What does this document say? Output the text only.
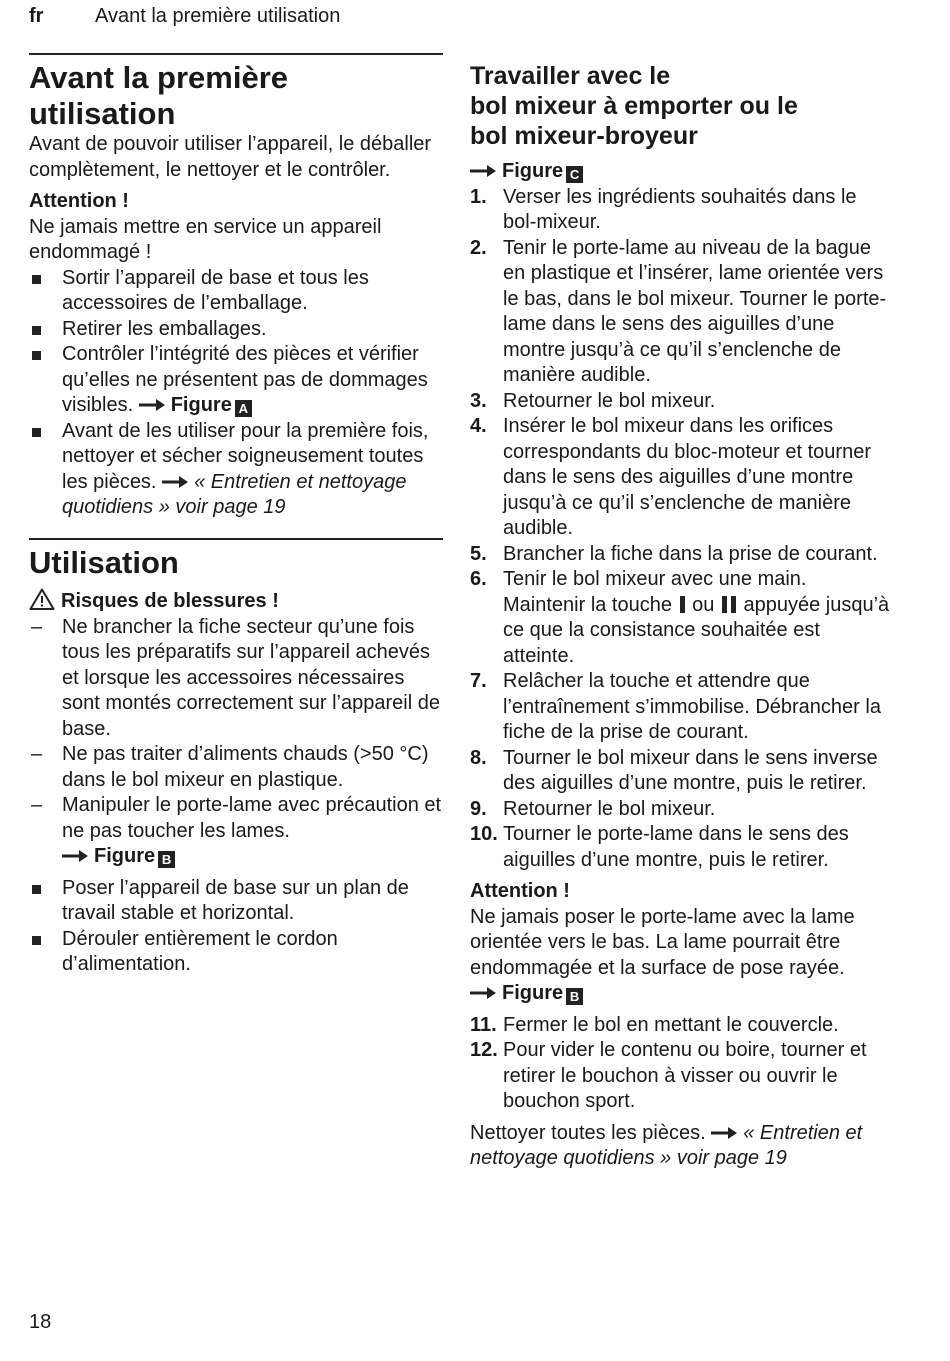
fr	Avant la première utilisation
Avant la première utilisation

Avant de pouvoir utiliser l’appareil, le déballer complètement, le nettoyer et le contrôler.

Attention !

Ne jamais mettre en service un appareil endommagé !

Sortir l’appareil de base et tous les accessoires de l’emballage.
Retirer les emballages.
Contrôler l’intégrité des pièces et vérifier qu’elles ne présentent pas de dommages visibles. Figure A
Avant de les utiliser pour la première fois, nettoyer et sécher soigneusement toutes les pièces. « Entretien et nettoyage quotidiens » voir page 19
Utilisation

Risques de blessures !

– Ne brancher la fiche secteur qu’une fois tous les préparatifs sur l’appareil achevés et lorsque les accessoires nécessaires sont montés correctement sur l’appareil de base.
– Ne pas traiter d’aliments chauds (>50 °C) dans le bol mixeur en plastique.
– Manipuler le porte-lame avec précaution et ne pas toucher les lames.
Figure B
Poser l’appareil de base sur un plan de travail stable et horizontal.
Dérouler entièrement le cordon d’alimentation.
Travailler avec le
bol mixeur à emporter ou le
bol mixeur-broyeur

Figure C

1. Verser les ingrédients souhaités dans le bol-mixeur.
2. Tenir le porte-lame au niveau de la bague en plastique et l’insérer, lame orientée vers le bas, dans le bol mixeur. Tourner le porte-lame dans le sens des aiguilles d’une montre jusqu’à ce qu’il s’enclenche de manière audible.
3. Retourner le bol mixeur.
4. Insérer le bol mixeur dans les orifices correspondants du bloc-moteur et tourner dans le sens des aiguilles d’une montre jusqu’à ce qu’il s’enclenche de manière audible.
5. Brancher la fiche dans la prise de courant.
6. Tenir le bol mixeur avec une main. Maintenir la touche ou appuyée jusqu’à ce que la consistance souhaitée est atteinte.
7. Relâcher la touche et attendre que l’entraînement s’immobilise. Débrancher la fiche de la prise de courant.
8. Tourner le bol mixeur dans le sens inverse des aiguilles d’une montre, puis le retirer.
9. Retourner le bol mixeur.
10. Tourner le porte-lame dans le sens des aiguilles d’une montre, puis le retirer.

Attention !

Ne jamais poser le porte-lame avec la lame orientée vers le bas. La lame pourrait être endommagée et la surface de pose rayée.

Figure B

11. Fermer le bol en mettant le couvercle.
12. Pour vider le contenu ou boire, tourner et retirer le bouchon à visser ou ouvrir le bouchon sport.

Nettoyer toutes les pièces. « Entretien et nettoyage quotidiens » voir page 19

18
